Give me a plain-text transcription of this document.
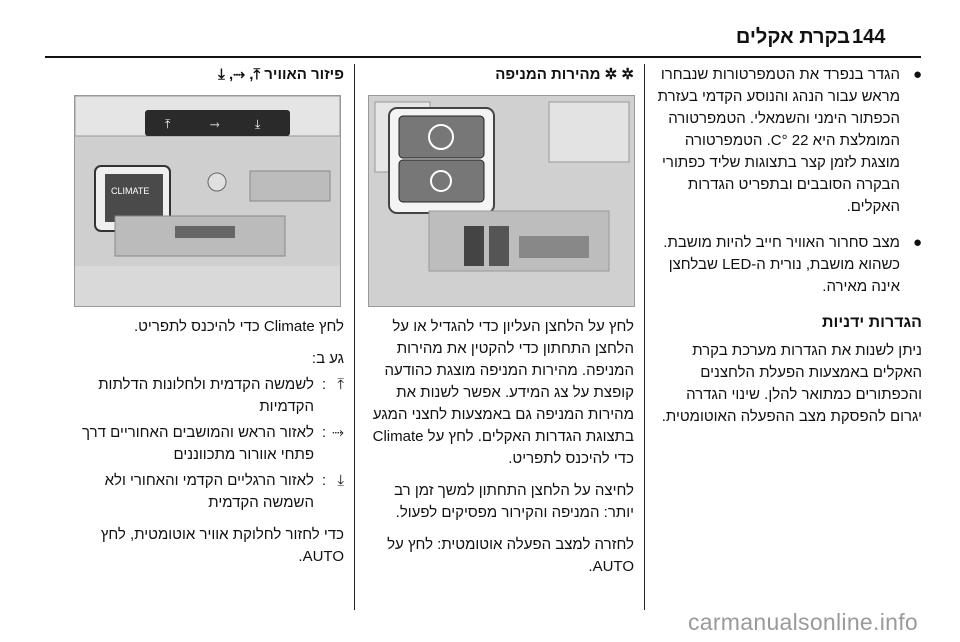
144
בקרת אקלים
●
הגדר בנפרד את הטמפרטורות שנבחרו מראש עבור הנהג והנוסע הקדמי בעזרת הכפתור הימני והשמאלי. הטמפרטורה המומלצת היא 22 °C. הטמפרטורה מוצגת לזמן קצר בתצוגות שליד כפתורי הבקרה הסובבים ובתפריט הגדרות האקלים.
●
מצב סחרור האוויר חייב להיות מושבת. כשהוא מושבת, נורית ה-LED שבלחצן אינה מאירה.
הגדרות ידניות

ניתן לשנות את הגדרות מערכת בקרת האקלים באמצעות הפעלת הלחצנים והכפתורים כמתואר להלן. שינוי הגדרה יגרום להפסקת מצב ההפעלה האוטומטית.

✲ ✲ מהירות המניפה

לחץ על הלחצן העליון כדי להגדיל או על הלחצן התחתון כדי להקטין את מהירות המניפה. מהירות המניפה מוצגת כהודעה קופצת על צג המידע. אפשר לשנות את מהירות המניפה גם באמצעות לחצני המגע בתצוגת הגדרות האקלים. לחץ על Climate כדי להיכנס לתפריט.

לחיצה על הלחצן התחתון למשך זמן רב יותר: המניפה והקירור מפסיקים לפעול.

לחזרה למצב הפעלה אוטומטית: לחץ על AUTO.

פיזור האוויר ⤒, ⤑, ⤓
⤒	⤑	⤓
CLIMATE

לחץ Climate כדי להיכנס לתפריט.

גע ב:

⤒
:
לשמשה הקדמית ולחלונות הדלתות הקדמיות
⤑
:
לאזור הראש והמושבים האחוריים דרך פתחי אוורור מתכווננים
⤓
:
לאזור הרגליים הקדמי והאחורי ולא השמשה הקדמית

כדי לחזור לחלוקת אוויר אוטומטית, לחץ AUTO.

carmanualsonline.info
